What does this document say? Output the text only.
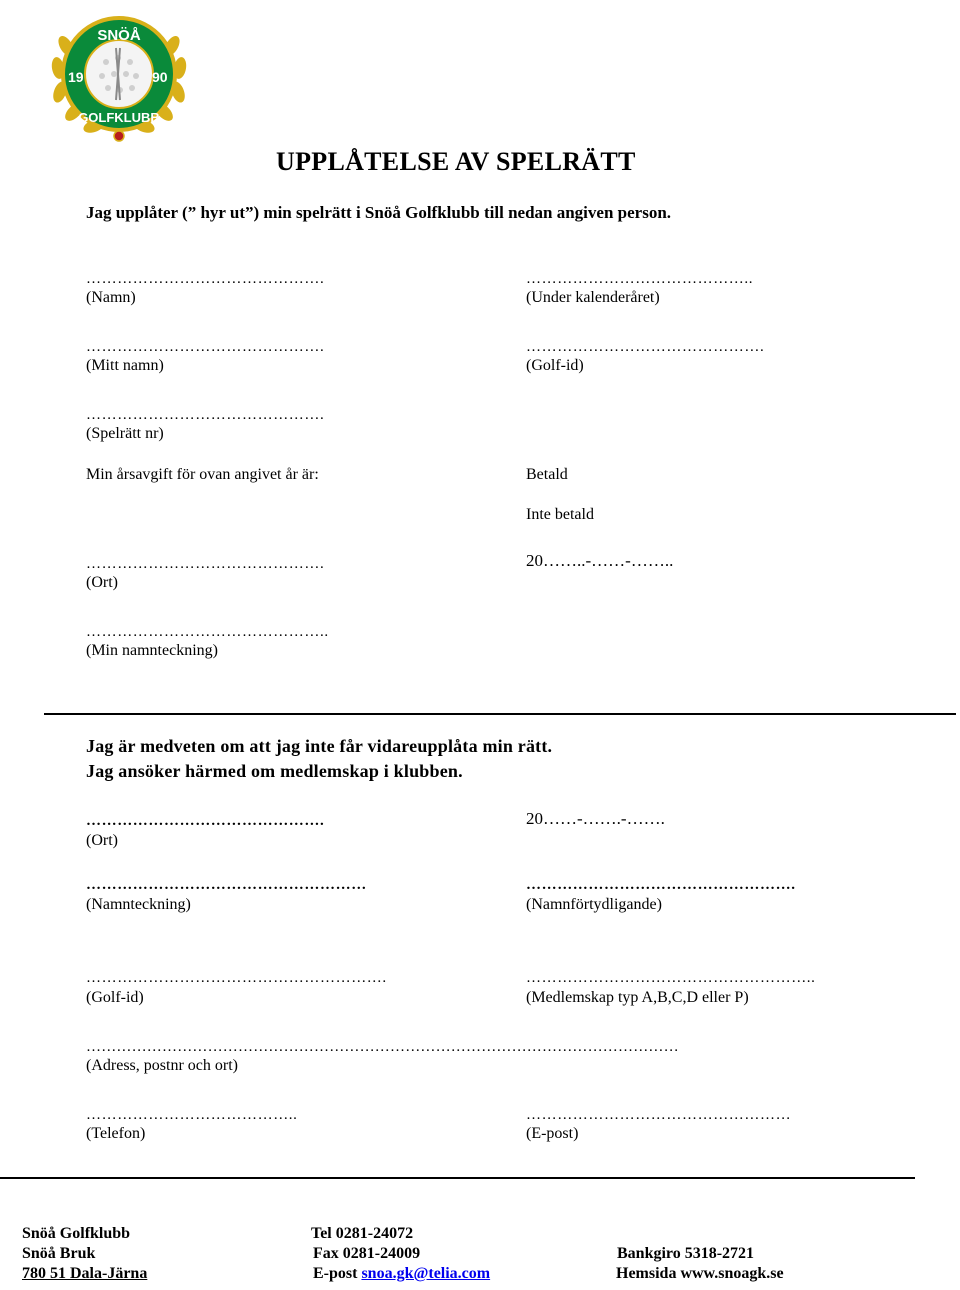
SNÖÅ
19	90
GOLFKLUBB
UPPLÅTELSE AV SPELRÄTT
Jag upplåter (” hyr ut”) min spelrätt i Snöå Golfklubb till nedan angiven person.
……………………………………….
(Namn)
……………………………………..
(Under kalenderåret)
……………………………………….
(Mitt namn)
……………………………………….
(Golf-id)
……………………………………….
(Spelrätt nr)
Min årsavgift för ovan angivet år är:	Betald
Inte betald
……………………………………….
(Ort)
20……..-……-……..
………………………………………..
(Min namnteckning)
Jag är medveten om att jag inte får vidareupplåta min rätt.
Jag ansöker härmed om medlemskap i klubben.
……………………………………….
(Ort)
20……-…….-…….
………………………………………………
(Namnteckning)
…………………………………………….
(Namnförtydligande)
………………………………………………….
(Golf-id)
………………………………………………..
(Medlemskap typ A,B,C,D eller P)
………………………………………………………………………………………………………
(Adress, postnr och ort)
…………………………………..
(Telefon)
……………………………………………
(E-post)
Snöå Golfklubb
Snöå Bruk
780 51 Dala-Järna
Tel 0281-24072
Fax 0281-24009
E-post snoa.gk@telia.com
Bankgiro 5318-2721
Hemsida www.snoagk.se
